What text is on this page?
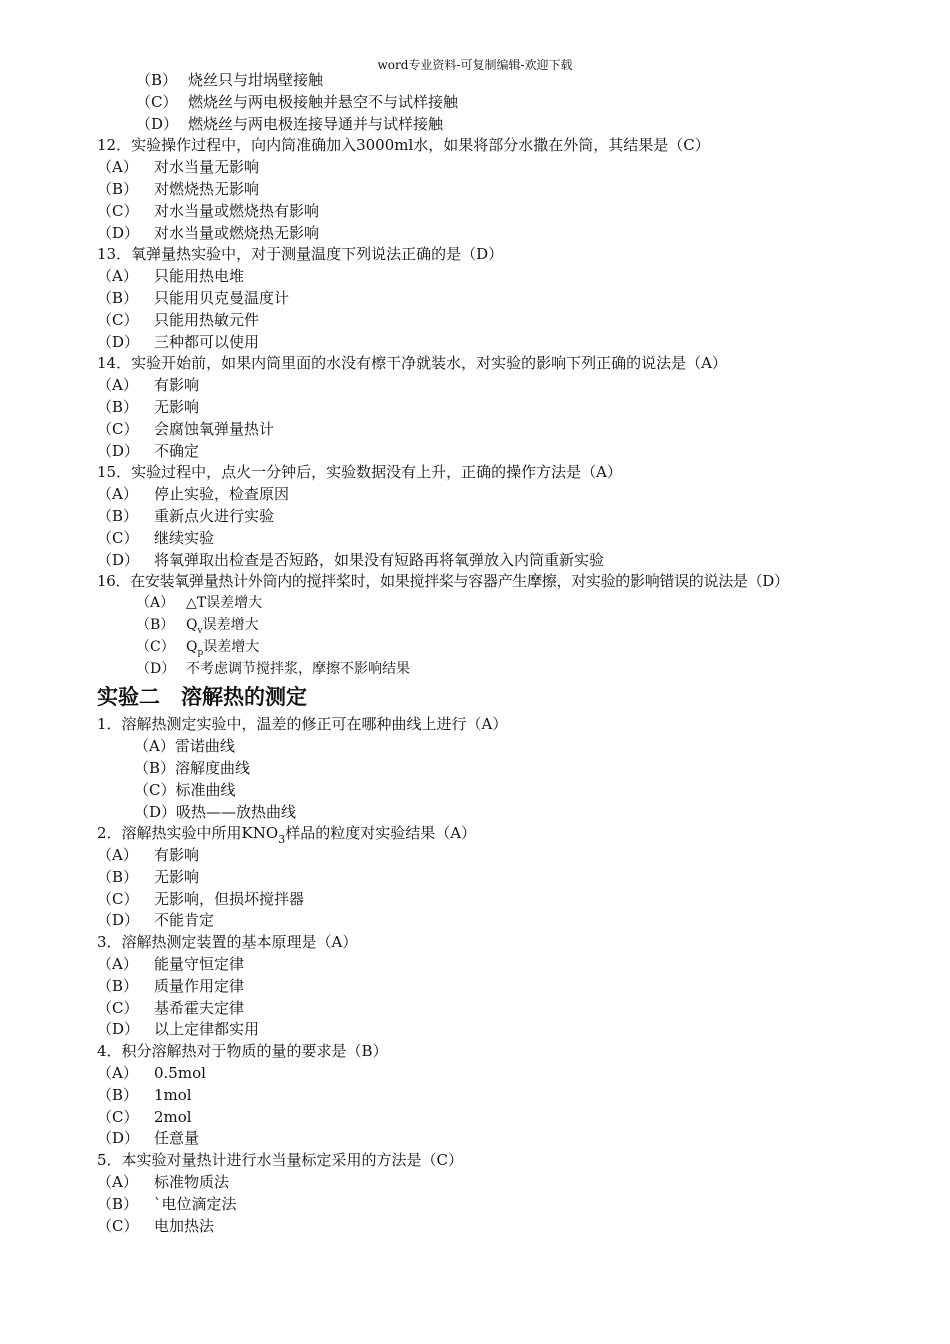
word专业资料-可复制编辑-欢迎下载
（B） 烧丝只与坩埚壁接触
（C） 燃烧丝与两电极接触并悬空不与试样接触
（D） 燃烧丝与两电极连接导通并与试样接触
12．实验操作过程中，向内筒准确加入3000ml水，如果将部分水撒在外筒，其结果是（C）
（A） 对水当量无影响
（B） 对燃烧热无影响
（C） 对水当量或燃烧热有影响
（D） 对水当量或燃烧热无影响
13．氧弹量热实验中，对于测量温度下列说法正确的是（D）
（A） 只能用热电堆
（B） 只能用贝克曼温度计
（C） 只能用热敏元件
（D） 三种都可以使用
14．实验开始前，如果内筒里面的水没有檫干净就装水，对实验的影响下列正确的说法是（A）
（A） 有影响
（B） 无影响
（C） 会腐蚀氧弹量热计
（D） 不确定
15．实验过程中，点火一分钟后，实验数据没有上升，正确的操作方法是（A）
（A） 停止实验，检查原因
（B） 重新点火进行实验
（C） 继续实验
（D） 将氧弹取出检查是否短路，如果没有短路再将氧弹放入内筒重新实验
16．在安装氧弹量热计外筒内的搅拌桨时，如果搅拌桨与容器产生摩擦，对实验的影响错误的说法是（D）
（A） △T误差增大
（B） $Q_v$误差增大
（C） $Q_p$误差增大
（D） 不考虑调节搅拌浆，摩擦不影响结果
实验二　溶解热的测定
1．溶解热测定实验中，温差的修正可在哪种曲线上进行（A）
（A）雷诺曲线
（B）溶解度曲线
（C）标准曲线
（D）吸热——放热曲线
2．溶解热实验中所用$KNO_3$样品的粒度对实验结果（A）
（A） 有影响
（B） 无影响
（C） 无影响，但损坏搅拌器
（D） 不能肯定
3．溶解热测定装置的基本原理是（A）
（A） 能量守恒定律
（B） 质量作用定律
（C） 基希霍夫定律
（D） 以上定律都实用
4．积分溶解热对于物质的量的要求是（B）
（A） 0.5mol
（B） 1mol
（C） 2mol
（D） 任意量
5．本实验对量热计进行水当量标定采用的方法是（C）
（A） 标准物质法
（B） `电位滴定法
（C） 电加热法
